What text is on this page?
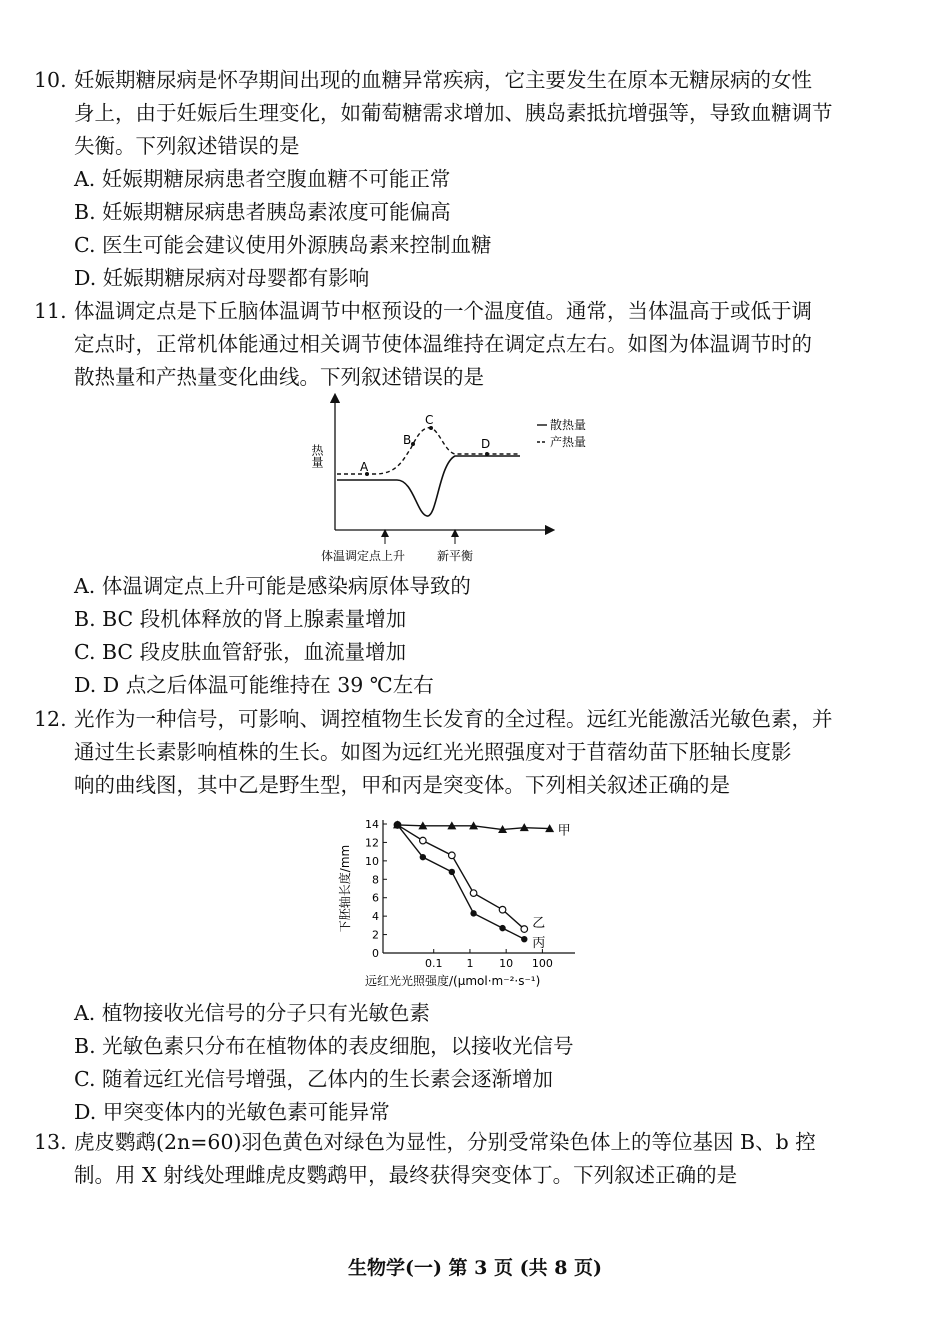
10. 妊娠期糖尿病是怀孕期间出现的血糖异常疾病，它主要发生在原本无糖尿病的女性
身上，由于妊娠后生理变化，如葡萄糖需求增加、胰岛素抵抗增强等，导致血糖调节
失衡。下列叙述错误的是
A. 妊娠期糖尿病患者空腹血糖不可能正常
B. 妊娠期糖尿病患者胰岛素浓度可能偏高
C. 医生可能会建议使用外源胰岛素来控制血糖
D. 妊娠期糖尿病对母婴都有影响
11. 体温调定点是下丘脑体温调节中枢预设的一个温度值。通常，当体温高于或低于调
定点时，正常机体能通过相关调节使体温维持在调定点左右。如图为体温调节时的
散热量和产热量变化曲线。下列叙述错误的是
热量	A
B
C
D
散热量
产热量
体温调定点上升	新平衡
A. 体温调定点上升可能是感染病原体导致的
B. BC 段机体释放的肾上腺素量增加
C. BC 段皮肤血管舒张，血流量增加
D. D 点之后体温可能维持在 39 ℃左右
12. 光作为一种信号，可影响、调控植物生长发育的全过程。远红光能激活光敏色素，并
通过生长素影响植株的生长。如图为远红光光照强度对于苜蓿幼苗下胚轴长度影
响的曲线图，其中乙是野生型，甲和丙是突变体。下列相关叙述正确的是
下胚轴长度/mm
远红光光照强度/(μmol·m⁻²·s⁻¹)
0
2
4
6
8
10
12
14
0.1 1 10 100
甲
乙
丙
A. 植物接收光信号的分子只有光敏色素
B. 光敏色素只分布在植物体的表皮细胞，以接收光信号
C. 随着远红光信号增强，乙体内的生长素会逐渐增加
D. 甲突变体内的光敏色素可能异常
13. 虎皮鹦鹉(2n=60)羽色黄色对绿色为显性，分别受常染色体上的等位基因 B、b 控
制。用 X 射线处理雌虎皮鹦鹉甲，最终获得突变体丁。下列叙述正确的是
生物学(一) 第 3 页 (共 8 页)
